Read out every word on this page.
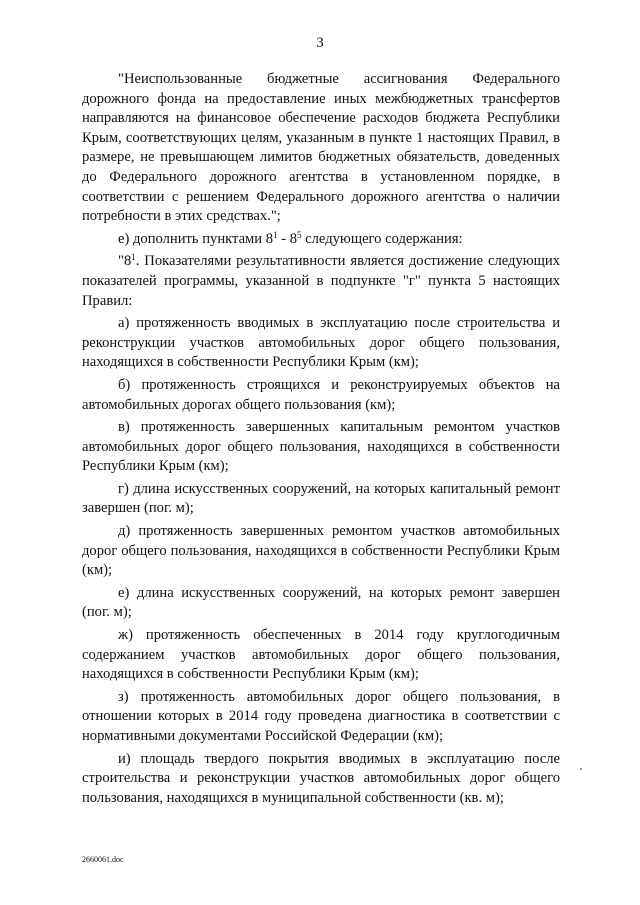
3

"Неиспользованные бюджетные ассигнования Федерального дорожного фонда на предоставление иных межбюджетных трансфертов направляются на финансовое обеспечение расходов бюджета Республики Крым, соответствующих целям, указанным в пункте 1 настоящих Правил, в размере, не превышающем лимитов бюджетных обязательств, доведенных до Федерального дорожного агентства в установленном порядке, в соответствии с решением Федерального дорожного агентства о наличии потребности в этих средствах.";

е) дополнить пунктами $8^1 - 8^5$ следующего содержания:

"$8^1$. Показателями результативности является достижение следующих показателей программы, указанной в подпункте "г" пункта 5 настоящих Правил:

а) протяженность вводимых в эксплуатацию после строительства и реконструкции участков автомобильных дорог общего пользования, находящихся в собственности Республики Крым (км);

б) протяженность строящихся и реконструируемых объектов на автомобильных дорогах общего пользования (км);

в) протяженность завершенных капитальным ремонтом участков автомобильных дорог общего пользования, находящихся в собственности Республики Крым (км);

г) длина искусственных сооружений, на которых капитальный ремонт завершен (пог. м);

д) протяженность завершенных ремонтом участков автомобильных дорог общего пользования, находящихся в собственности Республики Крым (км);

е) длина искусственных сооружений, на которых ремонт завершен (пог. м);

ж) протяженность обеспеченных в 2014 году круглогодичным содержанием участков автомобильных дорог общего пользования, находящихся в собственности Республики Крым (км);

з) протяженность автомобильных дорог общего пользования, в отношении которых в 2014 году проведена диагностика в соответствии с нормативными документами Российской Федерации (км);

и) площадь твердого покрытия вводимых в эксплуатацию после строительства и реконструкции участков автомобильных дорог общего пользования, находящихся в муниципальной собственности (кв. м);

2660061.doc
